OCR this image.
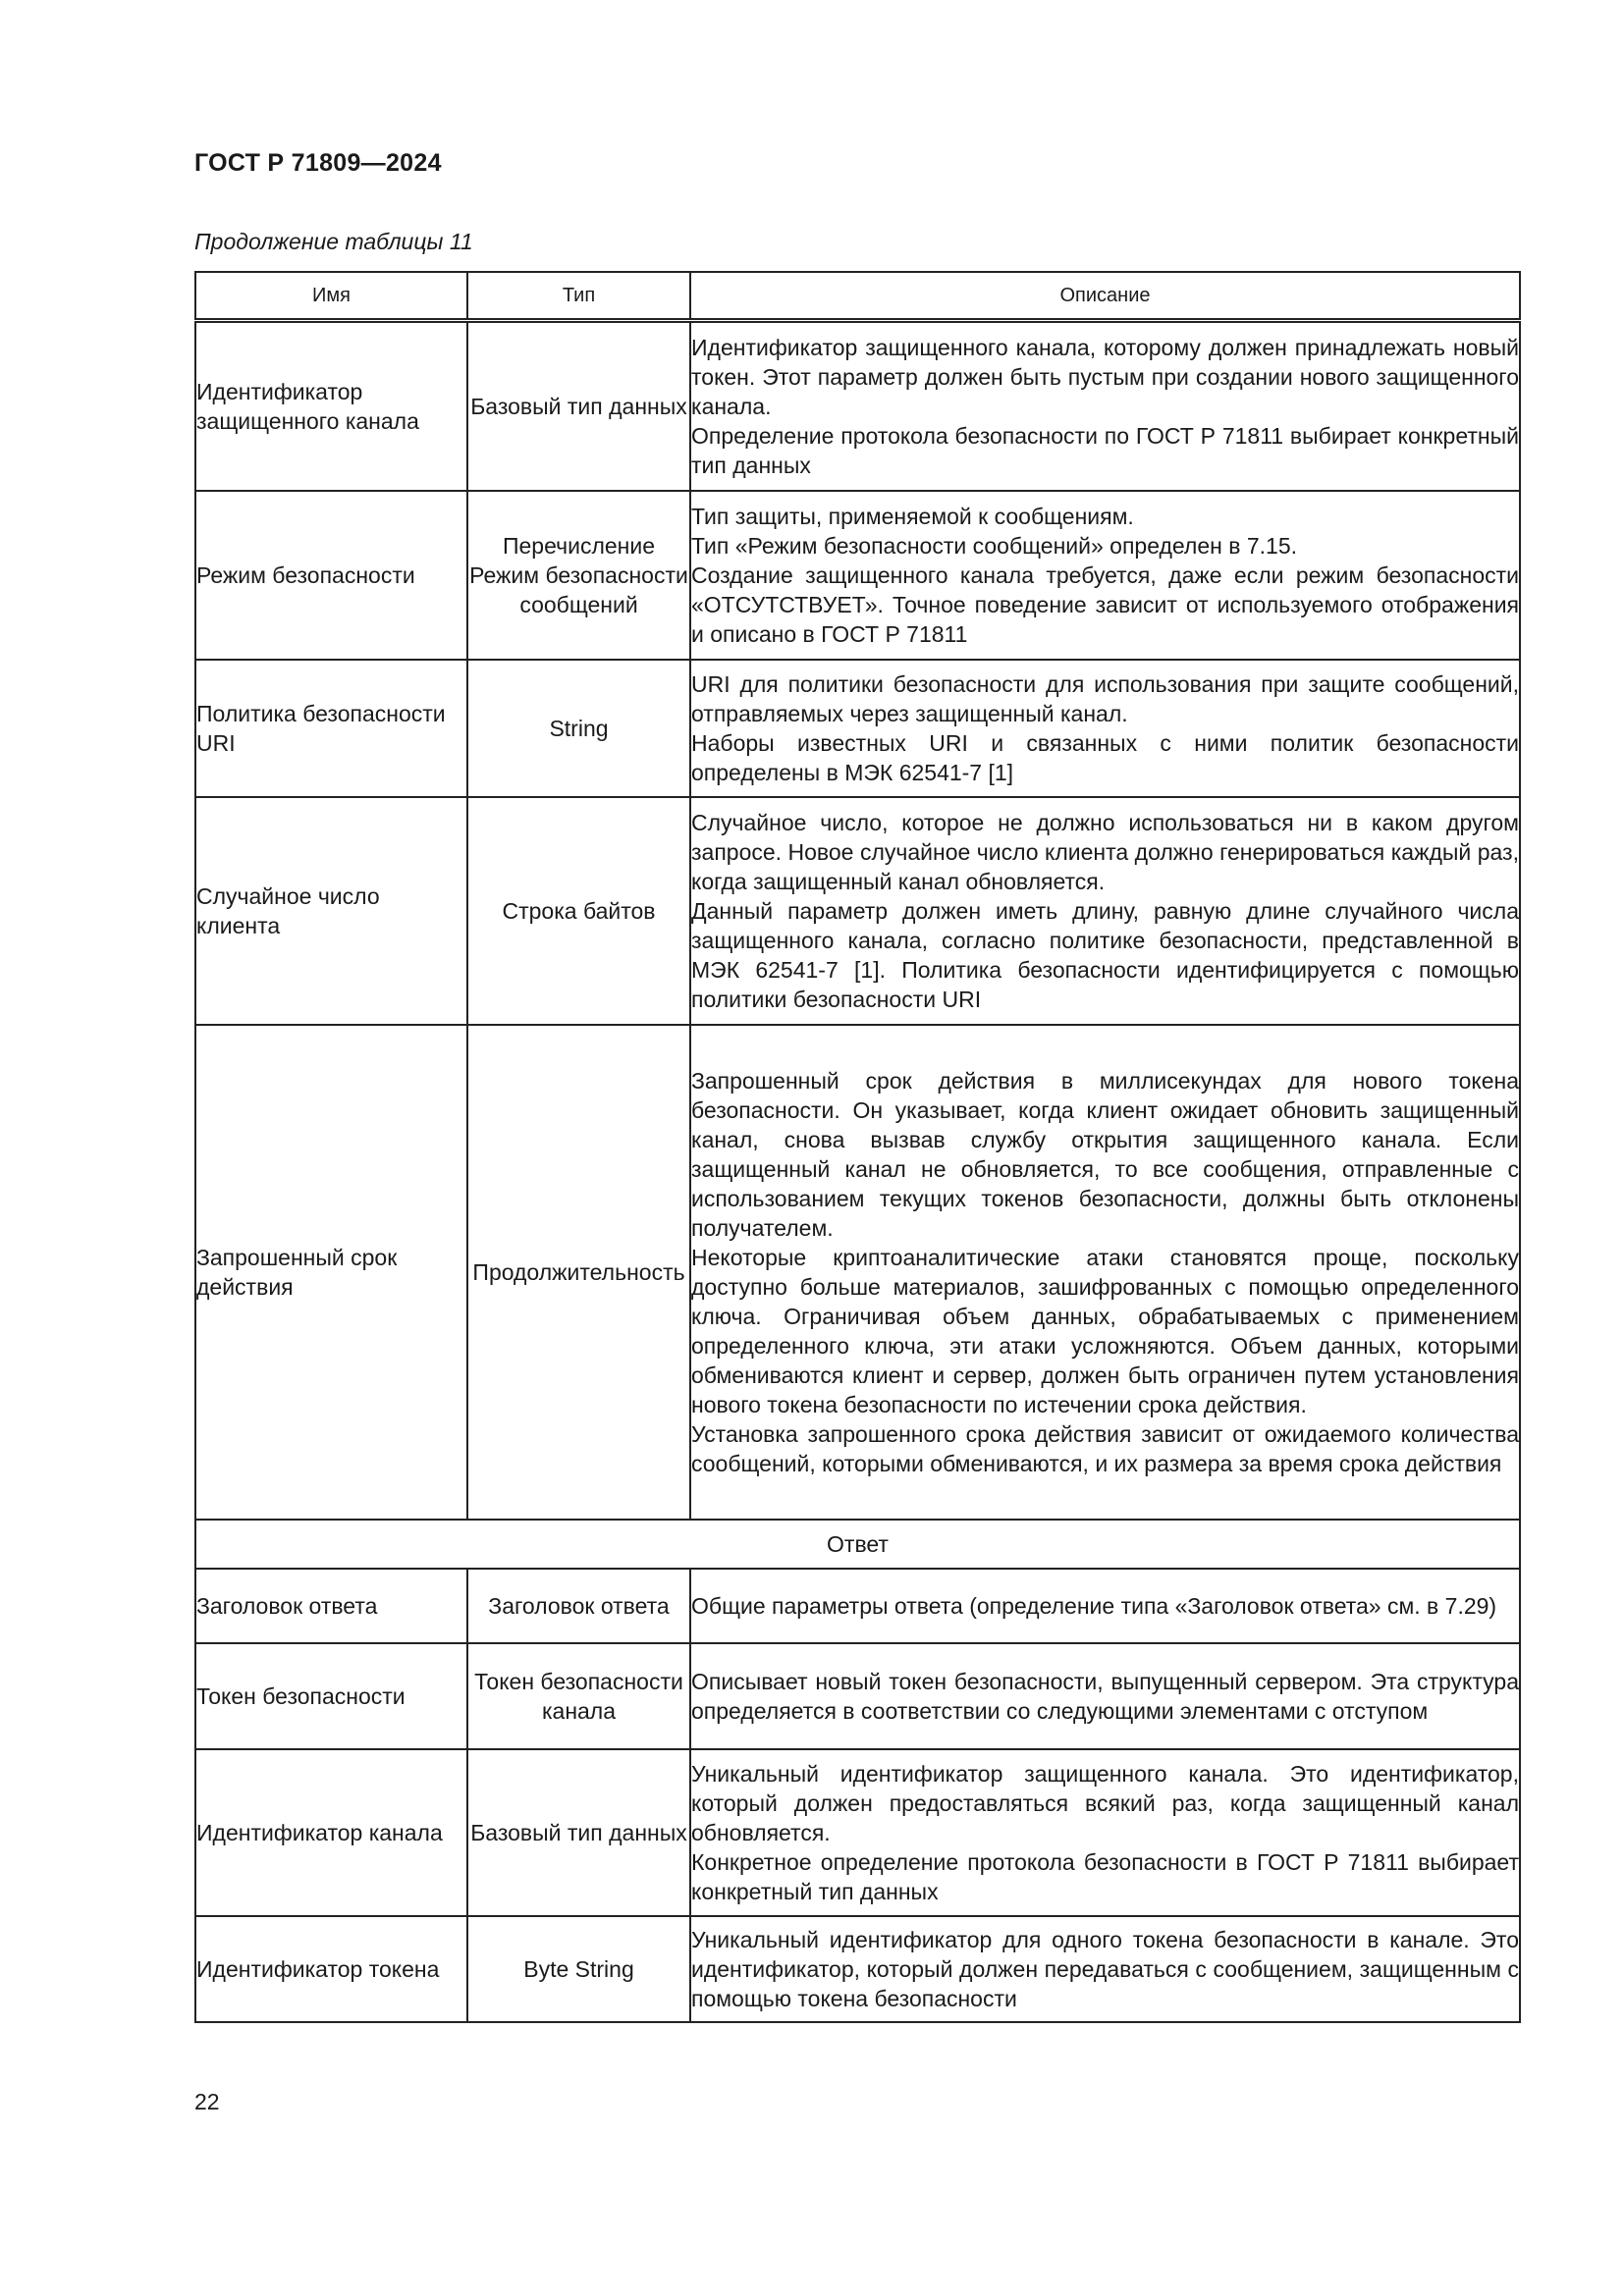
ГОСТ Р 71809—2024
Продолжение таблицы 11
Имя	Тип	Описание
Идентификатор защищенного канала	Базовый тип данных	Идентификатор защищенного канала, которому должен принадлежать новый токен. Этот параметр должен быть пустым при создании нового защищенного канала.

Определение протокола безопасности по ГОСТ Р 71811 выбирает конкретный тип данных

Режим безопасности	Перечисление Режим безопасности сообщений	Тип защиты, применяемой к сообщениям.

Тип «Режим безопасности сообщений» определен в 7.15.

Создание защищенного канала требуется, даже если режим безопасности «ОТСУТСТВУЕТ». Точное поведение зависит от используемого отображения и описано в ГОСТ Р 71811

Политика безопасности URI	String	URI для политики безопасности для использования при защите сообщений, отправляемых через защищенный канал.

Наборы известных URI и связанных с ними политик безопасности определены в МЭК 62541-7 [1]

Случайное число клиента	Строка байтов	Случайное число, которое не должно использоваться ни в каком другом запросе. Новое случайное число клиента должно генерироваться каждый раз, когда защищенный канал обновляется.

Данный параметр должен иметь длину, равную длине случайного числа защищенного канала, согласно политике безопасности, представленной в МЭК 62541-7 [1]. Политика безопасности идентифицируется с помощью политики безопасности URI

Запрошенный срок действия	Продолжительность	Запрошенный срок действия в миллисекундах для нового токена безопасности. Он указывает, когда клиент ожидает обновить защищенный канал, снова вызвав службу открытия защищенного канала. Если защищенный канал не обновляется, то все сообщения, отправленные с использованием текущих токенов безопасности, должны быть отклонены получателем.

Некоторые криптоаналитические атаки становятся проще, поскольку доступно больше материалов, зашифрованных с помощью определенного ключа. Ограничивая объем данных, обрабатываемых с применением определенного ключа, эти атаки усложняются. Объем данных, которыми обмениваются клиент и сервер, должен быть ограничен путем установления нового токена безопасности по истечении срока действия.

Установка запрошенного срока действия зависит от ожидаемого количества сообщений, которыми обмениваются, и их размера за время срока действия

Ответ		
Заголовок ответа	Заголовок ответа	Общие параметры ответа (определение типа «Заголовок ответа» см. в 7.29)

Токен безопасности	Токен безопасности канала	Описывает новый токен безопасности, выпущенный сервером. Эта структура определяется в соответствии со следующими элементами с отступом

Идентификатор канала	Базовый тип данных	Уникальный идентификатор защищенного канала. Это идентификатор, который должен предоставляться всякий раз, когда защищенный канал обновляется.

Конкретное определение протокола безопасности в ГОСТ Р 71811 выбирает конкретный тип данных

Идентификатор токена	Byte String	Уникальный идентификатор для одного токена безопасности в канале. Это идентификатор, который должен передаваться с сообщением, защищенным с помощью токена безопасности

22
